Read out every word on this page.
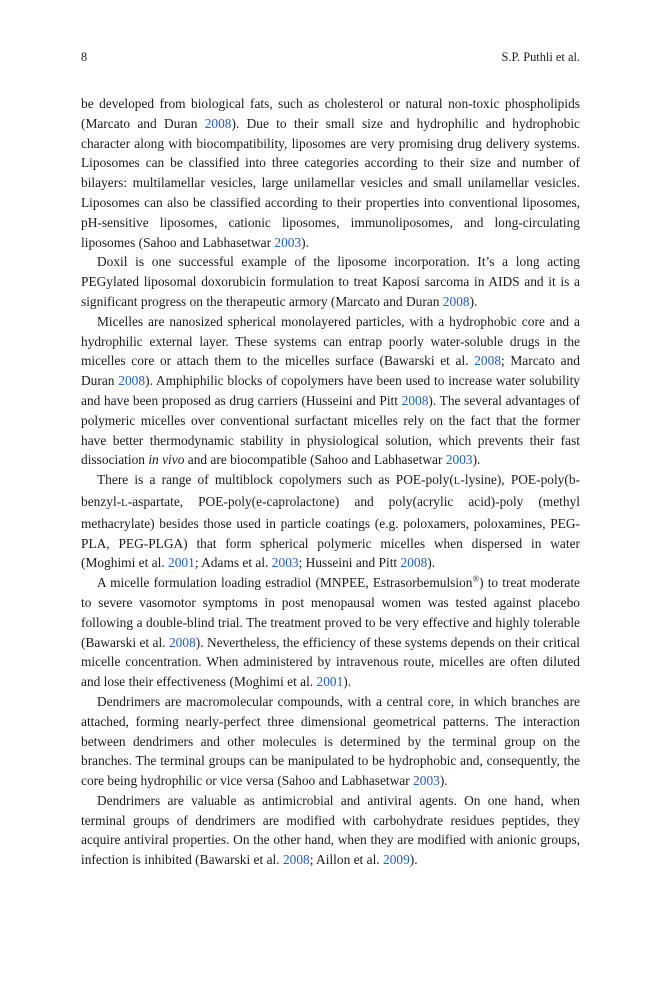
8	S.P. Puthli et al.

be developed from biological fats, such as cholesterol or natural non-toxic phospholipids (Marcato and Duran 2008). Due to their small size and hydrophilic and hydrophobic character along with biocompatibility, liposomes are very promising drug delivery systems. Liposomes can be classified into three categories according to their size and number of bilayers: multilamellar vesicles, large unilamellar vesicles and small unilamellar vesicles. Liposomes can also be classified according to their properties into conventional liposomes, pH-sensitive liposomes, cationic liposomes, immunoliposomes, and long-circulating liposomes (Sahoo and Labhasetwar 2003).

Doxil is one successful example of the liposome incorporation. It’s a long acting PEGylated liposomal doxorubicin formulation to treat Kaposi sarcoma in AIDS and it is a significant progress on the therapeutic armory (Marcato and Duran 2008).

Micelles are nanosized spherical monolayered particles, with a hydrophobic core and a hydrophilic external layer. These systems can entrap poorly water-soluble drugs in the micelles core or attach them to the micelles surface (Bawarski et al. 2008; Marcato and Duran 2008). Amphiphilic blocks of copolymers have been used to increase water solubility and have been proposed as drug carriers (Husseini and Pitt 2008). The several advantages of polymeric micelles over conventional surfactant micelles rely on the fact that the former have better thermodynamic stability in physiological solution, which prevents their fast dissociation in vivo and are biocompatible (Sahoo and Labhasetwar 2003).

There is a range of multiblock copolymers such as POE-poly(L-lysine), POE-poly(b-benzyl-L-aspartate, POE-poly(e-caprolactone) and poly(acrylic acid)-poly (methyl methacrylate) besides those used in particle coatings (e.g. poloxamers, poloxamines, PEG-PLA, PEG-PLGA) that form spherical polymeric micelles when dispersed in water (Moghimi et al. 2001; Adams et al. 2003; Husseini and Pitt 2008).

A micelle formulation loading estradiol (MNPEE, Estrasorbemulsion®) to treat moderate to severe vasomotor symptoms in post menopausal women was tested against placebo following a double-blind trial. The treatment proved to be very effective and highly tolerable (Bawarski et al. 2008). Nevertheless, the efficiency of these systems depends on their critical micelle concentration. When administered by intravenous route, micelles are often diluted and lose their effectiveness (Moghimi et al. 2001).

Dendrimers are macromolecular compounds, with a central core, in which branches are attached, forming nearly-perfect three dimensional geometrical patterns. The interaction between dendrimers and other molecules is determined by the terminal group on the branches. The terminal groups can be manipulated to be hydrophobic and, consequently, the core being hydrophilic or vice versa (Sahoo and Labhasetwar 2003).

Dendrimers are valuable as antimicrobial and antiviral agents. On one hand, when terminal groups of dendrimers are modified with carbohydrate residues peptides, they acquire antiviral properties. On the other hand, when they are modified with anionic groups, infection is inhibited (Bawarski et al. 2008; Aillon et al. 2009).
